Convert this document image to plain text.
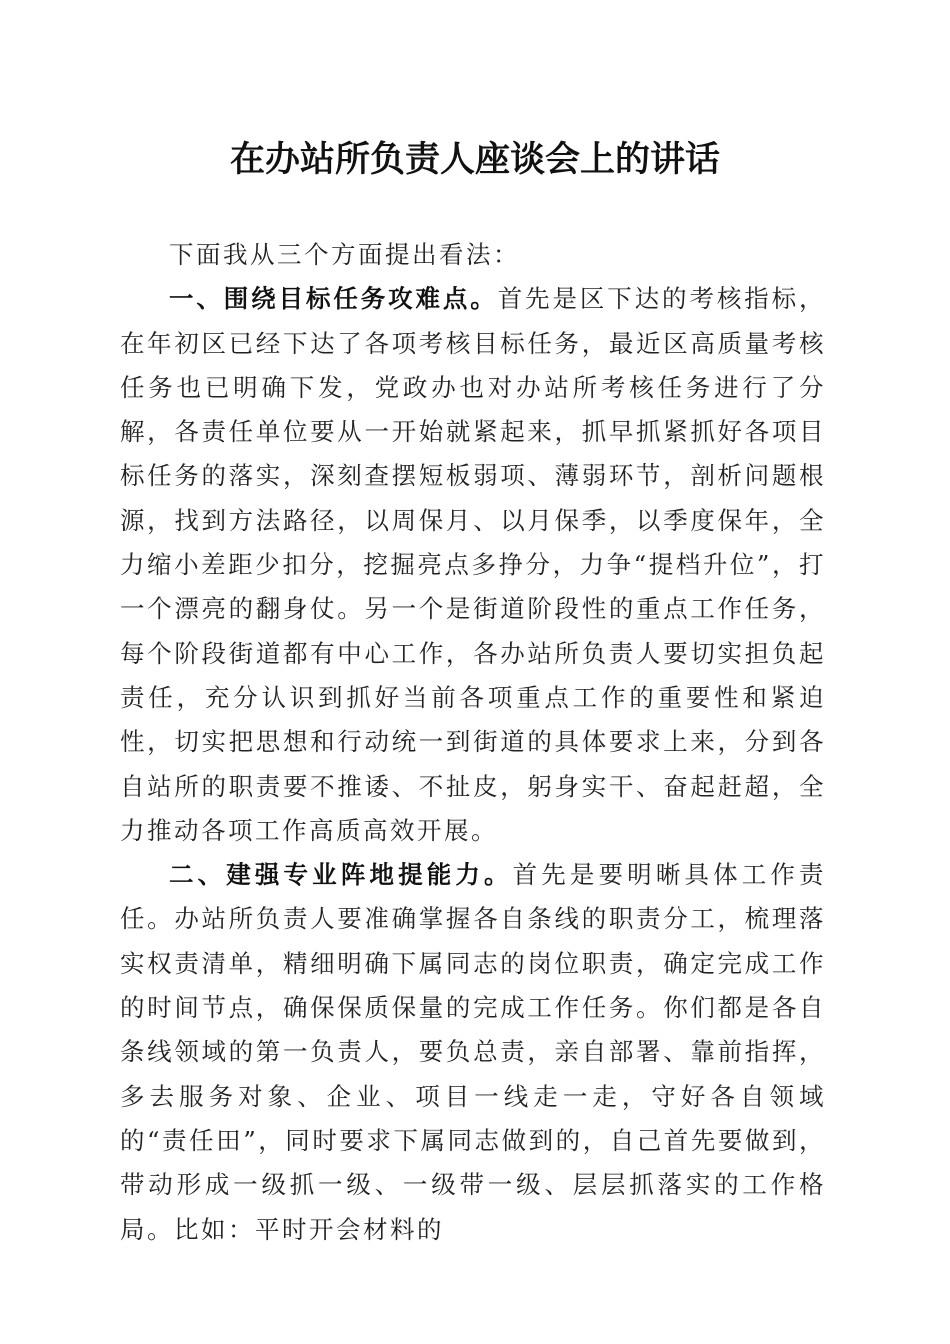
在办站所负责人座谈会上的讲话

下面我从三个方面提出看法：

一、围绕目标任务攻难点。首先是区下达的考核指标，在年初区已经下达了各项考核目标任务，最近区高质量考核任务也已明确下发，党政办也对办站所考核任务进行了分解，各责任单位要从一开始就紧起来，抓早抓紧抓好各项目标任务的落实，深刻查摆短板弱项、薄弱环节，剖析问题根源，找到方法路径，以周保月、以月保季，以季度保年，全力缩小差距少扣分，挖掘亮点多挣分，力争“提档升位”，打一个漂亮的翻身仗。另一个是街道阶段性的重点工作任务，每个阶段街道都有中心工作，各办站所负责人要切实担负起责任，充分认识到抓好当前各项重点工作的重要性和紧迫性，切实把思想和行动统一到街道的具体要求上来，分到各自站所的职责要不推诿、不扯皮，躬身实干、奋起赶超，全力推动各项工作高质高效开展。

二、建强专业阵地提能力。首先是要明晰具体工作责任。办站所负责人要准确掌握各自条线的职责分工，梳理落实权责清单，精细明确下属同志的岗位职责，确定完成工作的时间节点，确保保质保量的完成工作任务。你们都是各自条线领域的第一负责人，要负总责，亲自部署、靠前指挥，多去服务对象、企业、项目一线走一走，守好各自领域的“责任田”，同时要求下属同志做到的，自己首先要做到，带动形成一级抓一级、一级带一级、层层抓落实的工作格局。比如：平时开会材料的
